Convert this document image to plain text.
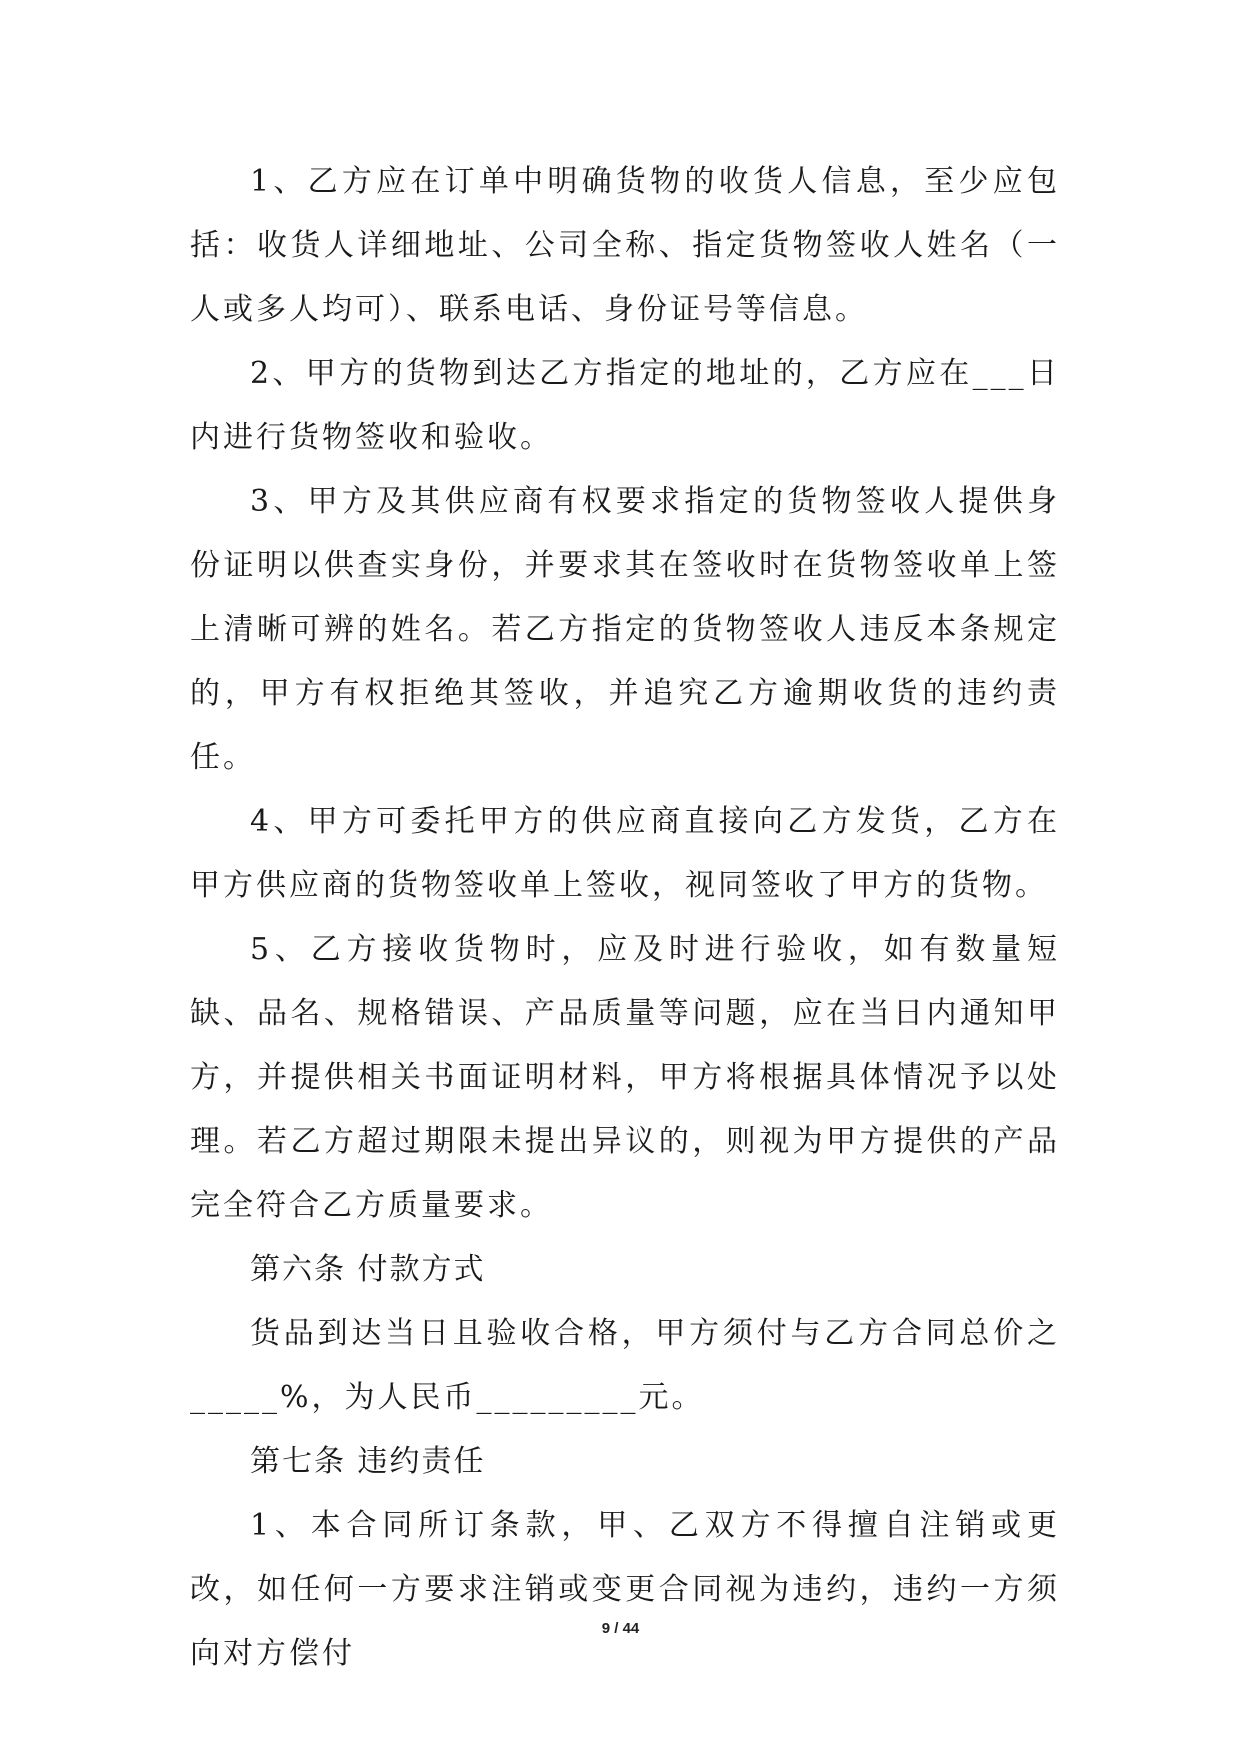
1、乙方应在订单中明确货物的收货人信息，至少应包括：收货人详细地址、公司全称、指定货物签收人姓名（一人或多人均可）、联系电话、身份证号等信息。

2、甲方的货物到达乙方指定的地址的，乙方应在___日内进行货物签收和验收。

3、甲方及其供应商有权要求指定的货物签收人提供身份证明以供查实身份，并要求其在签收时在货物签收单上签上清晰可辨的姓名。若乙方指定的货物签收人违反本条规定的，甲方有权拒绝其签收，并追究乙方逾期收货的违约责任。

4、甲方可委托甲方的供应商直接向乙方发货，乙方在甲方供应商的货物签收单上签收，视同签收了甲方的货物。

5、乙方接收货物时，应及时进行验收，如有数量短缺、品名、规格错误、产品质量等问题，应在当日内通知甲方，并提供相关书面证明材料，甲方将根据具体情况予以处理。若乙方超过期限未提出异议的，则视为甲方提供的产品完全符合乙方质量要求。

第六条 付款方式

货品到达当日且验收合格，甲方须付与乙方合同总价之_____%，为人民币_________元。

第七条 违约责任

1、本合同所订条款，甲、乙双方不得擅自注销或更改，如任何一方要求注销或变更合同视为违约，违约一方须向对方偿付

9 / 44
